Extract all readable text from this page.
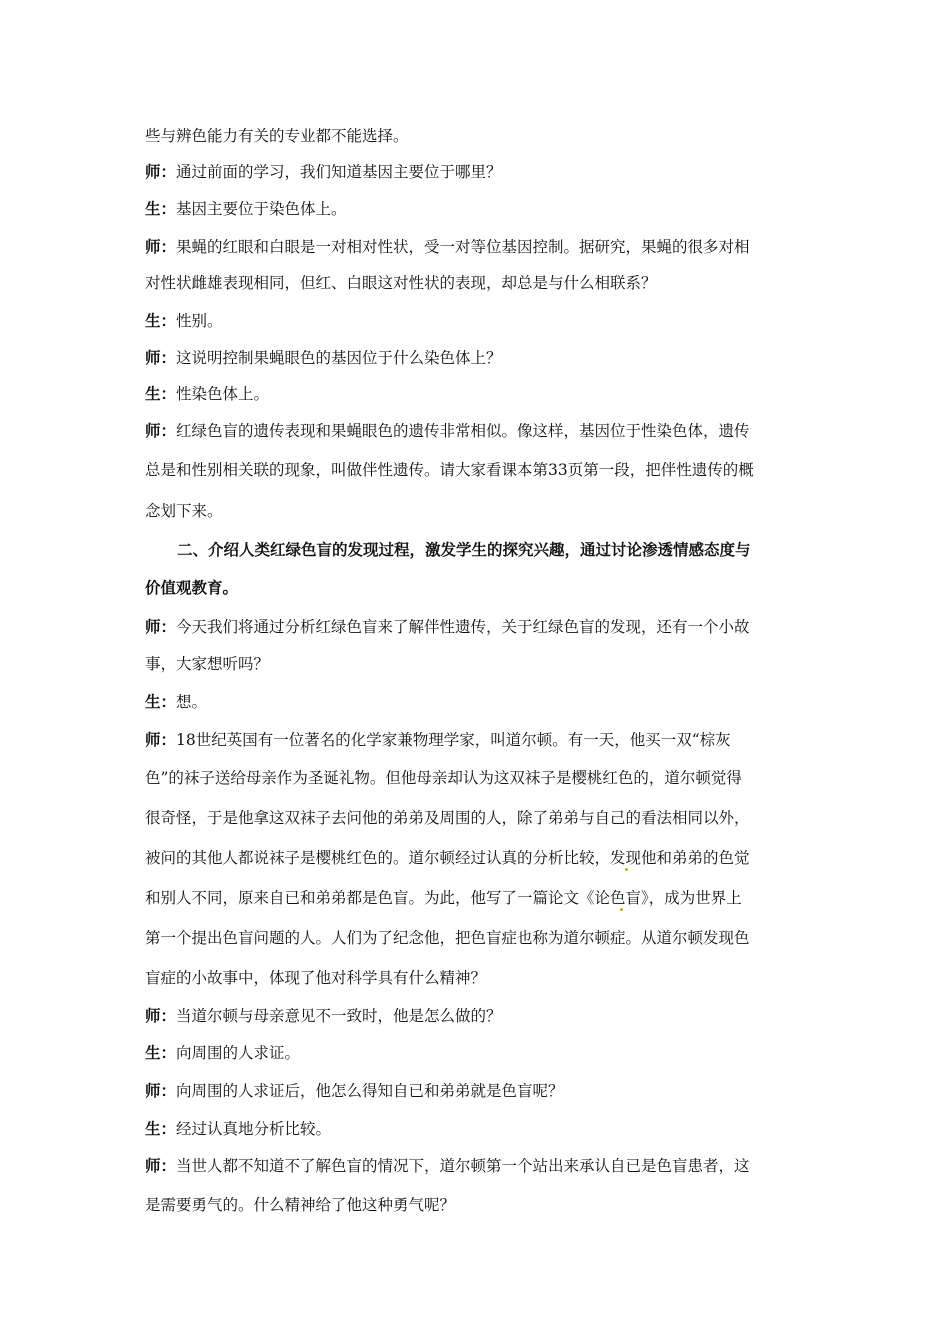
些与辨色能力有关的专业都不能选择。
师：通过前面的学习，我们知道基因主要位于哪里？
生：基因主要位于染色体上。
师：果蝇的红眼和白眼是一对相对性状，受一对等位基因控制。据研究，果蝇的很多对相
对性状雌雄表现相同，但红、白眼这对性状的表现，却总是与什么相联系？
生：性别。
师：这说明控制果蝇眼色的基因位于什么染色体上？
生：性染色体上。
师：红绿色盲的遗传表现和果蝇眼色的遗传非常相似。像这样，基因位于性染色体，遗传
总是和性别相关联的现象，叫做伴性遗传。请大家看课本第33页第一段，把伴性遗传的概
念划下来。
二、介绍人类红绿色盲的发现过程，激发学生的探究兴趣，通过讨论渗透情感态度与
价值观教育。
师：今天我们将通过分析红绿色盲来了解伴性遗传，关于红绿色盲的发现，还有一个小故
事，大家想听吗？
生：想。
师：18世纪英国有一位著名的化学家兼物理学家，叫道尔顿。有一天，他买一双“棕灰
色”的袜子送给母亲作为圣诞礼物。但他母亲却认为这双袜子是樱桃红色的，道尔顿觉得
很奇怪，于是他拿这双袜子去问他的弟弟及周围的人，除了弟弟与自己的看法相同以外，
被问的其他人都说袜子是樱桃红色的。道尔顿经过认真的分析比较，发现他和弟弟的色觉
和别人不同，原来自已和弟弟都是色盲。为此，他写了一篇论文《论色盲》，成为世界上
第一个提出色盲问题的人。人们为了纪念他，把色盲症也称为道尔顿症。从道尔顿发现色
盲症的小故事中，体现了他对科学具有什么精神？
师：当道尔顿与母亲意见不一致时，他是怎么做的？
生：向周围的人求证。
师：向周围的人求证后，他怎么得知自已和弟弟就是色盲呢？
生：经过认真地分析比较。
师：当世人都不知道不了解色盲的情况下，道尔顿第一个站出来承认自已是色盲患者，这
是需要勇气的。什么精神给了他这种勇气呢？
